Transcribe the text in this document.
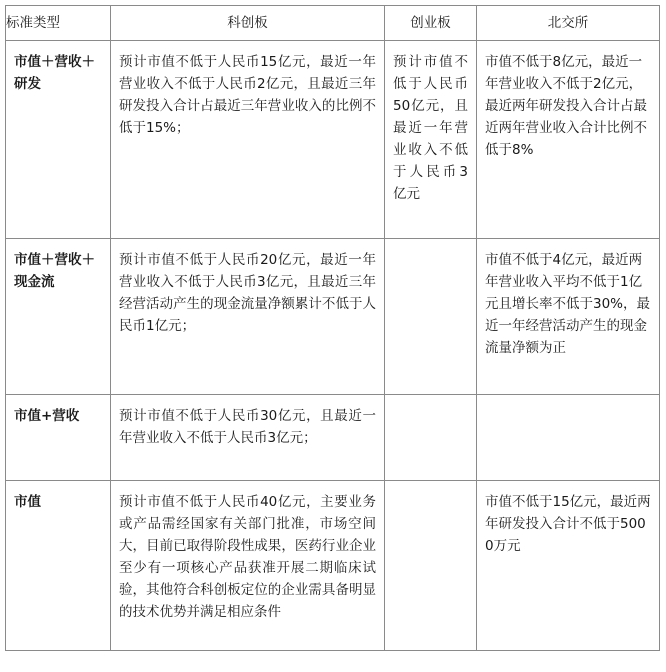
标准类型	科创板	创业板	北交所
市值＋营收＋研发	预计市值不低于人民币15亿元，最近一年营业收入不低于人民币2亿元，且最近三年研发投入合计占最近三年营业收入的比例不低于15%；	预计市值不低于人民币50亿元，且最近一年营业收入不低于人民币3亿元	市值不低于8亿元，最近一年营业收入不低于2亿元，最近两年研发投入合计占最近两年营业收入合计比例不低于8%
市值＋营收＋现金流	预计市值不低于人民币20亿元，最近一年营业收入不低于人民币3亿元，且最近三年经营活动产生的现金流量净额累计不低于人民币1亿元；		市值不低于4亿元，最近两年营业收入平均不低于1亿元且增长率不低于30%，最近一年经营活动产生的现金流量净额为正
市值+营收	预计市值不低于人民币30亿元，且最近一年营业收入不低于人民币3亿元；		
市值	预计市值不低于人民币40亿元，主要业务或产品需经国家有关部门批准，市场空间大，目前已取得阶段性成果，医药行业企业至少有一项核心产品获准开展二期临床试验，其他符合科创板定位的企业需具备明显的技术优势并满足相应条件		市值不低于15亿元，最近两年研发投入合计不低于5000万元
